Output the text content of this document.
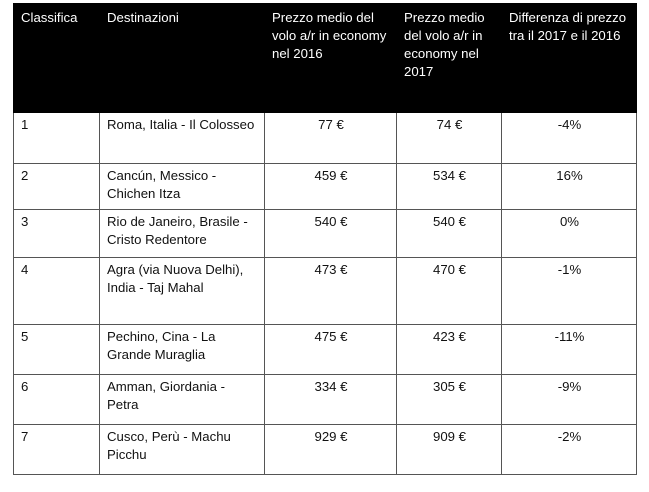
Classifica	Destinazioni	Prezzo medio del volo a/r in economy nel 2016	Prezzo medio del volo a/r in economy nel 2017	Differenza di prezzo tra il 2017 e il 2016
1	Roma, Italia - Il Colosseo	77 €	74 €	-4%
2	Cancún, Messico - Chichen Itza	459 €	534 €	16%
3	Rio de Janeiro, Brasile -Cristo Redentore	540 €	540 €	0%
4	Agra (via Nuova Delhi), India - Taj Mahal	473 €	470 €	-1%
5	Pechino, Cina - La Grande Muraglia	475 €	423 €	-11%
6	Amman, Giordania - Petra	334 €	305 €	-9%
7	Cusco, Perù - Machu Picchu	929 €	909 €	-2%
